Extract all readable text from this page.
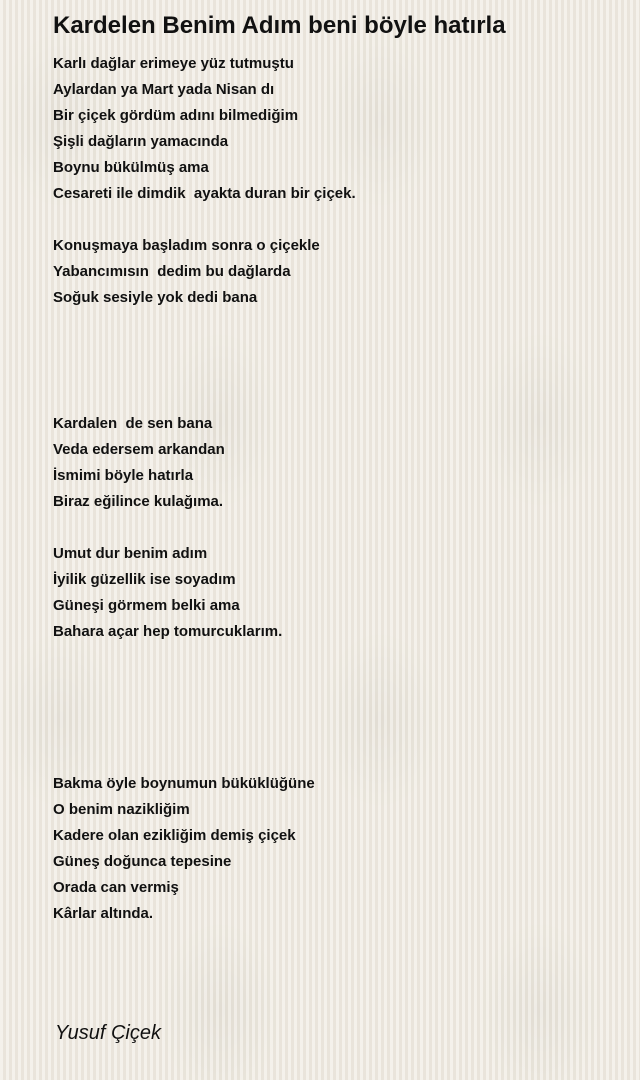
Kardelen Benim Adım beni böyle hatırla
Karlı dağlar erimeye yüz tutmuştu
Aylardan ya Mart yada Nisan dı
Bir çiçek gördüm adını bilmediğim
Şişli dağların yamacında
Boynu bükülmüş ama
Cesareti ile dimdik  ayakta duran bir çiçek.
Konuşmaya başladım sonra o çiçekle
Yabancımısın  dedim bu dağlarda
Soğuk sesiyle yok dedi bana
Kardalen  de sen bana
Veda edersem arkandan
İsmimi böyle hatırla
Biraz eğilince kulağıma.
Umut dur benim adım
İyilik güzellik ise soyadım
Güneşi görmem belki ama
Bahara açar hep tomurcuklarım.
Bakma öyle boynumun büküklüğüne
O benim nazikliğim
Kadere olan ezikliğim demiş çiçek
Güneş doğunca tepesine
Orada can vermiş
Kârlar altında.
Yusuf Çiçek
